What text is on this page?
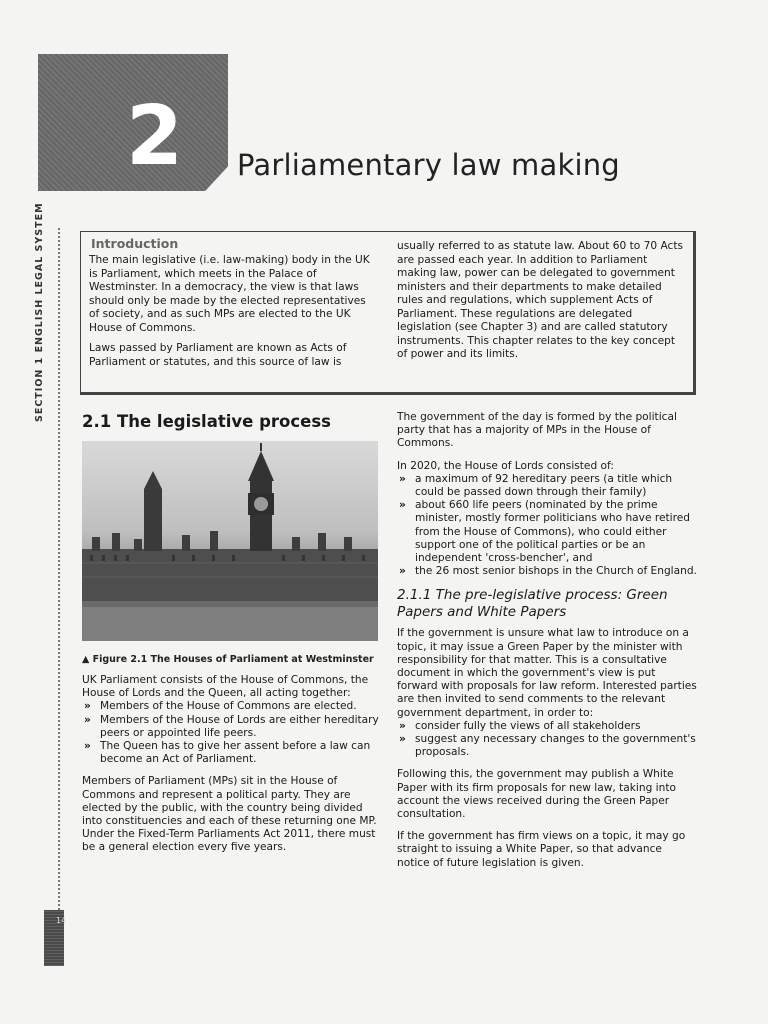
2	Parliamentary law making
SECTION 1 ENGLISH LEGAL SYSTEM
14
Introduction

The main legislative (i.e. law-making) body in the UK is Parliament, which meets in the Palace of Westminster. In a democracy, the view is that laws should only be made by the elected representatives of society, and as such MPs are elected to the UK House of Commons.

Laws passed by Parliament are known as Acts of Parliament or statutes, and this source of law is

usually referred to as statute law. About 60 to 70 Acts are passed each year. In addition to Parliament making law, power can be delegated to government ministers and their departments to make detailed rules and regulations, which supplement Acts of Parliament. These regulations are delegated legislation (see Chapter 3) and are called statutory instruments. This chapter relates to the key concept of power and its limits.

2.1 The legislative process
▲ Figure 2.1 The Houses of Parliament at Westminster

UK Parliament consists of the House of Commons, the House of Lords and the Queen, all acting together:

» Members of the House of Commons are elected.
» Members of the House of Lords are either hereditary peers or appointed life peers.
» The Queen has to give her assent before a law can become an Act of Parliament.

Members of Parliament (MPs) sit in the House of Commons and represent a political party. They are elected by the public, with the country being divided into constituencies and each of these returning one MP. Under the Fixed-Term Parliaments Act 2011, there must be a general election every five years.

The government of the day is formed by the political party that has a majority of MPs in the House of Commons.

In 2020, the House of Lords consisted of:

» a maximum of 92 hereditary peers (a title which could be passed down through their family)
» about 660 life peers (nominated by the prime minister, mostly former politicians who have retired from the House of Commons), who could either support one of the political parties or be an independent 'cross-bencher', and
» the 26 most senior bishops in the Church of England.
2.1.1 The pre-legislative process: Green Papers and White Papers

If the government is unsure what law to introduce on a topic, it may issue a Green Paper by the minister with responsibility for that matter. This is a consultative document in which the government's view is put forward with proposals for law reform. Interested parties are then invited to send comments to the relevant government department, in order to:

» consider fully the views of all stakeholders
» suggest any necessary changes to the government's proposals.

Following this, the government may publish a White Paper with its firm proposals for new law, taking into account the views received during the Green Paper consultation.

If the government has firm views on a topic, it may go straight to issuing a White Paper, so that advance notice of future legislation is given.
